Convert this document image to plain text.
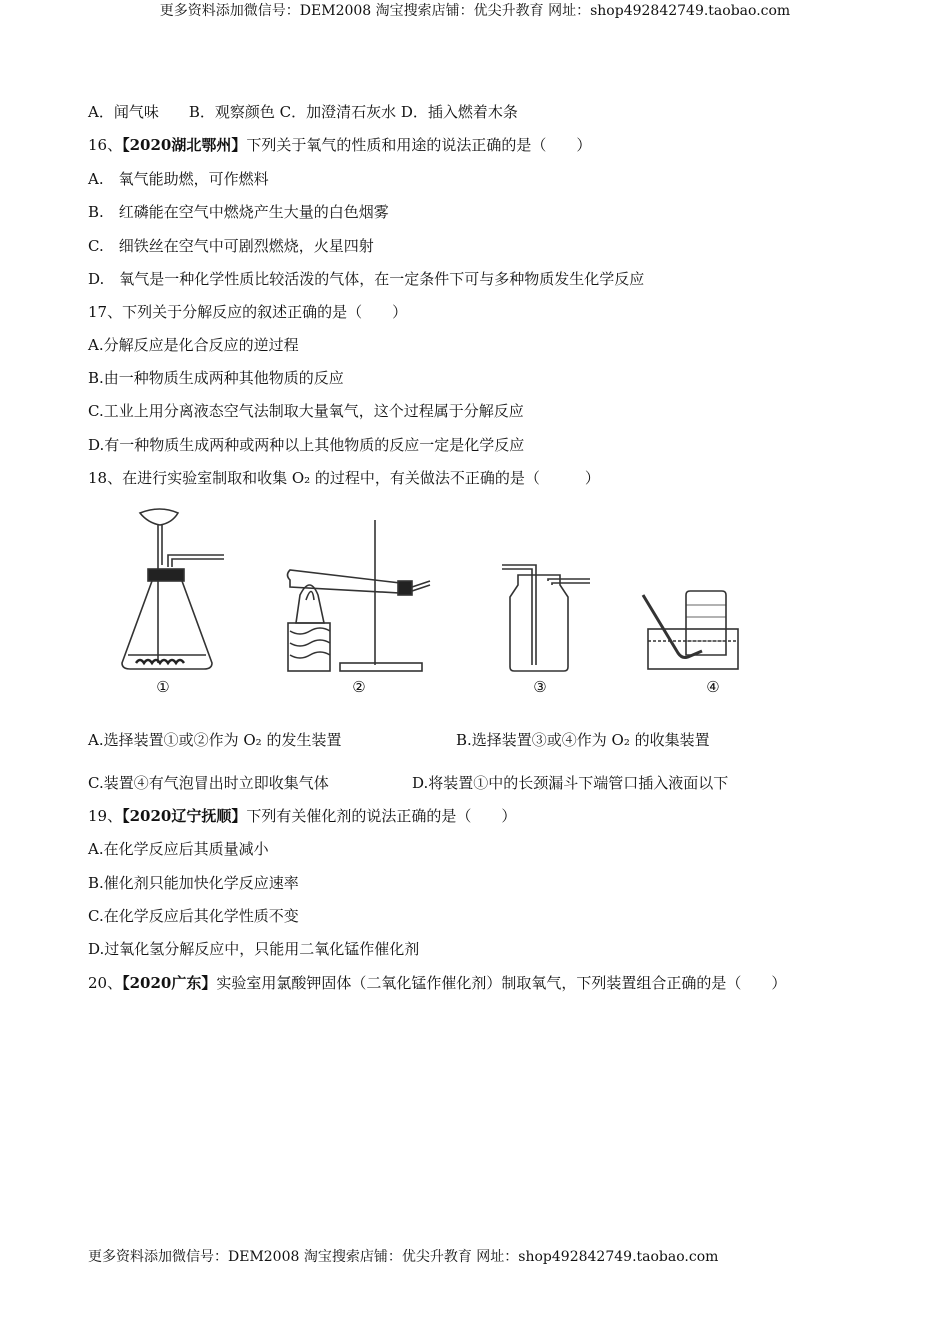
更多资料添加微信号：DEM2008 淘宝搜索店铺：优尖升教育 网址：shop492842749.taobao.com
A．闻气味　　B．观察颜色 C．加澄清石灰水 D．插入燃着木条
16、【2020湖北鄂州】下列关于氧气的性质和用途的说法正确的是（　　）
A.　氧气能助燃，可作燃料
B.　红磷能在空气中燃烧产生大量的白色烟雾
C.　细铁丝在空气中可剧烈燃烧，火星四射
D.　氧气是一种化学性质比较活泼的气体，在一定条件下可与多种物质发生化学反应
17、下列关于分解反应的叙述正确的是（　　）
A.分解反应是化合反应的逆过程
B.由一种物质生成两种其他物质的反应
C.工业上用分离液态空气法制取大量氧气，这个过程属于分解反应
D.有一种物质生成两种或两种以上其他物质的反应一定是化学反应
18、在进行实验室制取和收集 O₂ 的过程中，有关做法不正确的是（　　　）
①	②	③	④
A.选择装置①或②作为 O₂ 的发生装置	B.选择装置③或④作为 O₂ 的收集装置
C.装置④有气泡冒出时立即收集气体	D.将装置①中的长颈漏斗下端管口插入液面以下
19、【2020辽宁抚顺】下列有关催化剂的说法正确的是（　　）
A.在化学反应后其质量减小
B.催化剂只能加快化学反应速率
C.在化学反应后其化学性质不变
D.过氧化氢分解反应中，只能用二氧化锰作催化剂
20、【2020广东】实验室用氯酸钾固体（二氧化锰作催化剂）制取氧气，下列装置组合正确的是（　　）
更多资料添加微信号：DEM2008 淘宝搜索店铺：优尖升教育 网址：shop492842749.taobao.com
